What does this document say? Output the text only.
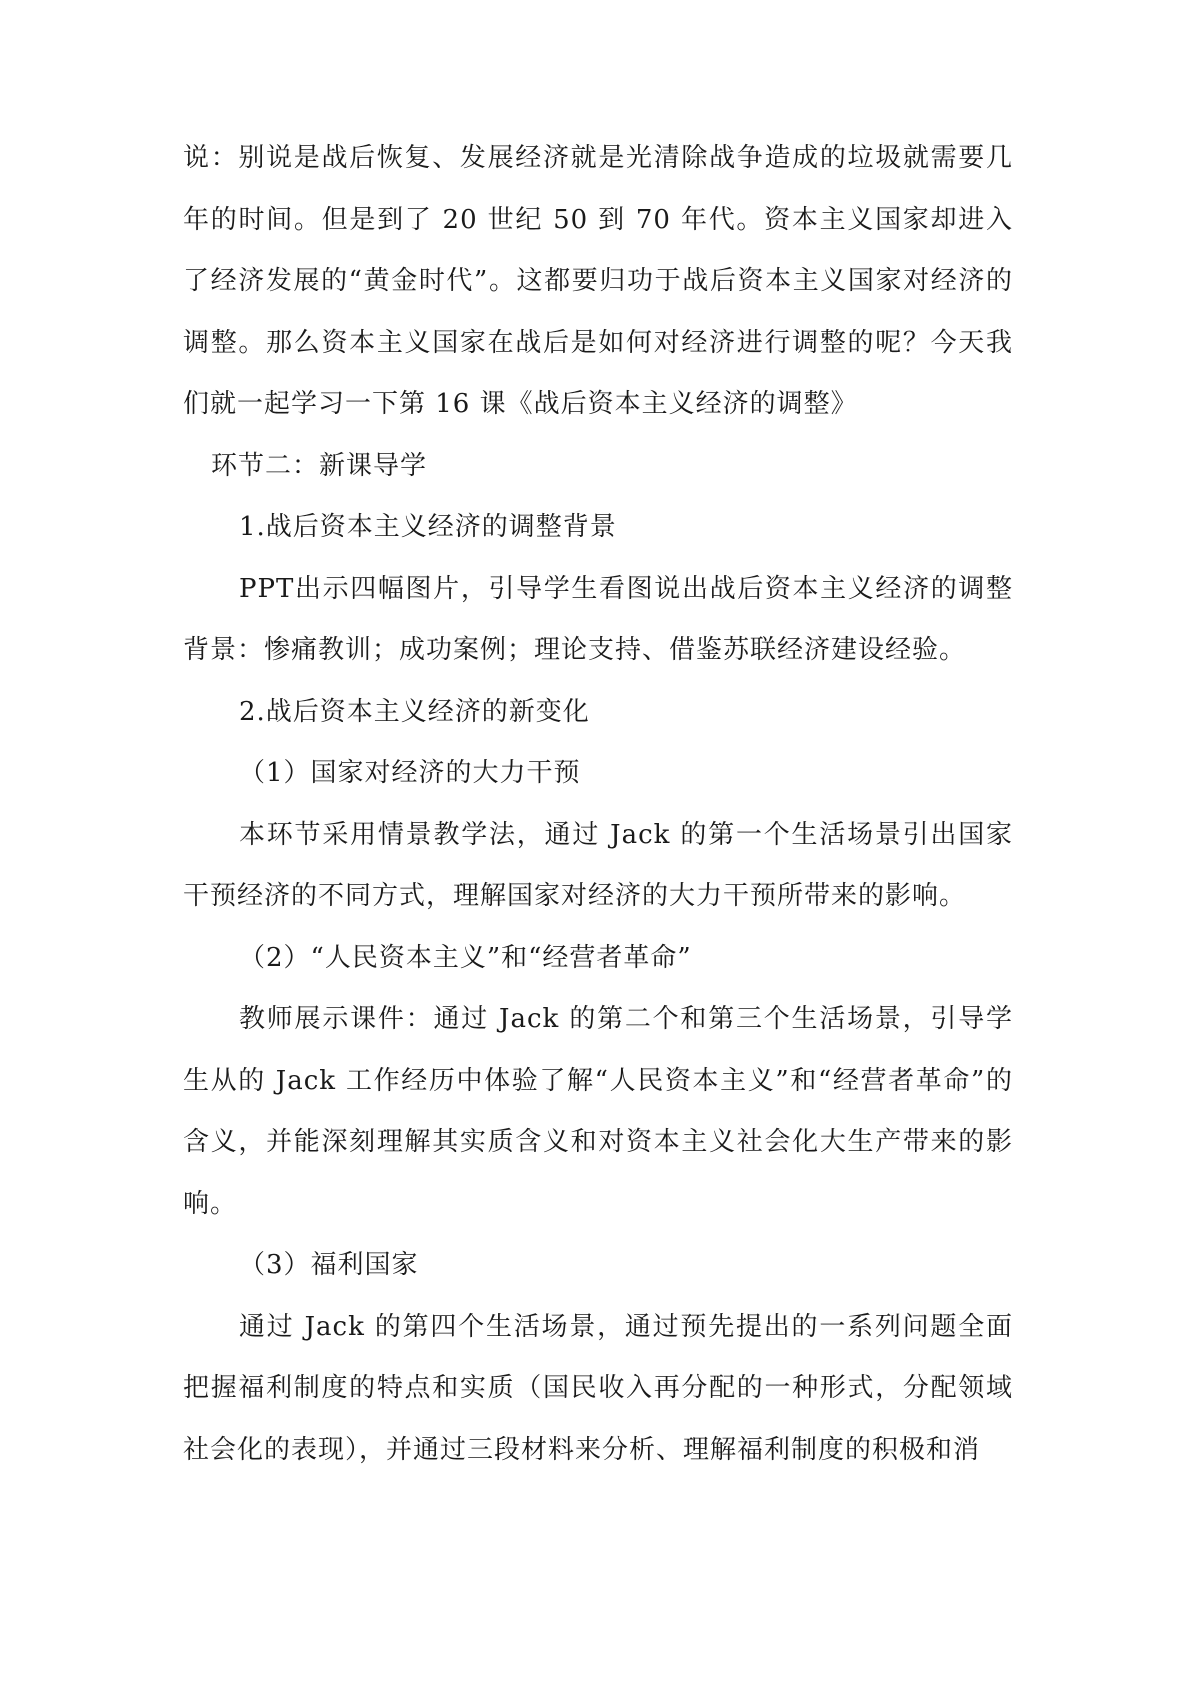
说：别说是战后恢复、发展经济就是光清除战争造成的垃圾就需要几年的时间。但是到了 20 世纪 50 到 70 年代。资本主义国家却进入了经济发展的“黄金时代”。这都要归功于战后资本主义国家对经济的调整。那么资本主义国家在战后是如何对经济进行调整的呢？今天我们就一起学习一下第 16 课《战后资本主义经济的调整》

环节二：新课导学

1.战后资本主义经济的调整背景

PPT出示四幅图片，引导学生看图说出战后资本主义经济的调整背景：惨痛教训；成功案例；理论支持、借鉴苏联经济建设经验。

2.战后资本主义经济的新变化

（1）国家对经济的大力干预

本环节采用情景教学法，通过 Jack 的第一个生活场景引出国家干预经济的不同方式，理解国家对经济的大力干预所带来的影响。

（2）“人民资本主义”和“经营者革命”

教师展示课件：通过 Jack 的第二个和第三个生活场景，引导学生从的 Jack 工作经历中体验了解“人民资本主义”和“经营者革命”的含义，并能深刻理解其实质含义和对资本主义社会化大生产带来的影响。

（3）福利国家

通过 Jack 的第四个生活场景，通过预先提出的一系列问题全面把握福利制度的特点和实质（国民收入再分配的一种形式，分配领域社会化的表现），并通过三段材料来分析、理解福利制度的积极和消
